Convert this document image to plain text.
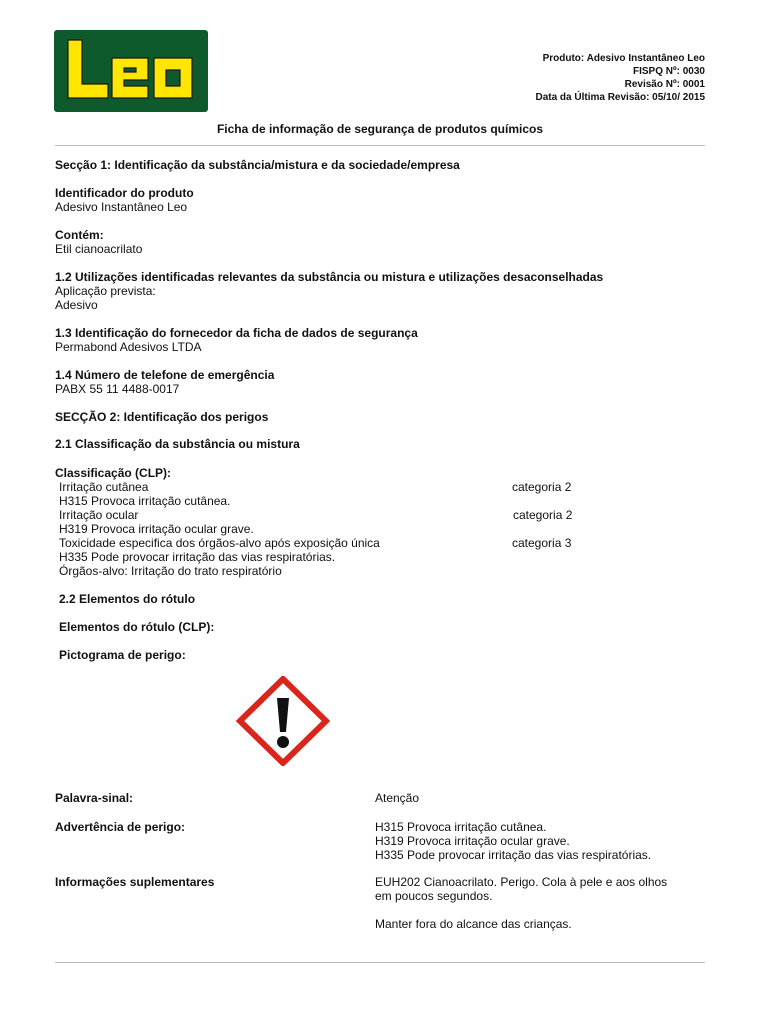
Produto: Adesivo Instantâneo Leo
FISPQ Nº: 0030
Revisão Nº: 0001
Data da Última Revisão: 05/10/ 2015
Ficha de informação de segurança de produtos químicos
Secção 1: Identificação da substância/mistura e da sociedade/empresa
Identificador do produto
Adesivo Instantâneo Leo
Contém:
Etil cianoacrilato
1.2 Utilizações identificadas relevantes da substância ou mistura e utilizações desaconselhadas
Aplicação prevista:
Adesivo
1.3 Identificação do fornecedor da ficha de dados de segurança
Permabond Adesivos LTDA
1.4 Número de telefone de emergência
PABX 55 11 4488-0017
SECÇÃO 2: Identificação dos perigos
2.1 Classificação da substância ou mistura
Classificação (CLP):
Irritação cutânea	categoria 2
H315 Provoca irritação cutânea.
Irritação ocular	categoria 2
H319 Provoca irritação ocular grave.
Toxicidade especifica dos órgãos-alvo após exposição única	categoria 3
H335 Pode provocar irritação das vias respiratórias.
Órgãos-alvo: Irritação do trato respiratório
2.2 Elementos do rótulo
Elementos do rótulo (CLP):
Pictograma de perigo:
Palavra-sinal:	Atenção
Advertência de perigo:	H315 Provoca irritação cutânea.
H319 Provoca irritação ocular grave.
H335 Pode provocar irritação das vias respiratórias.
Informações suplementares	EUH202 Cianoacrilato. Perigo. Cola à pele e aos olhos
em poucos segundos.
Manter fora do alcance das crianças.
